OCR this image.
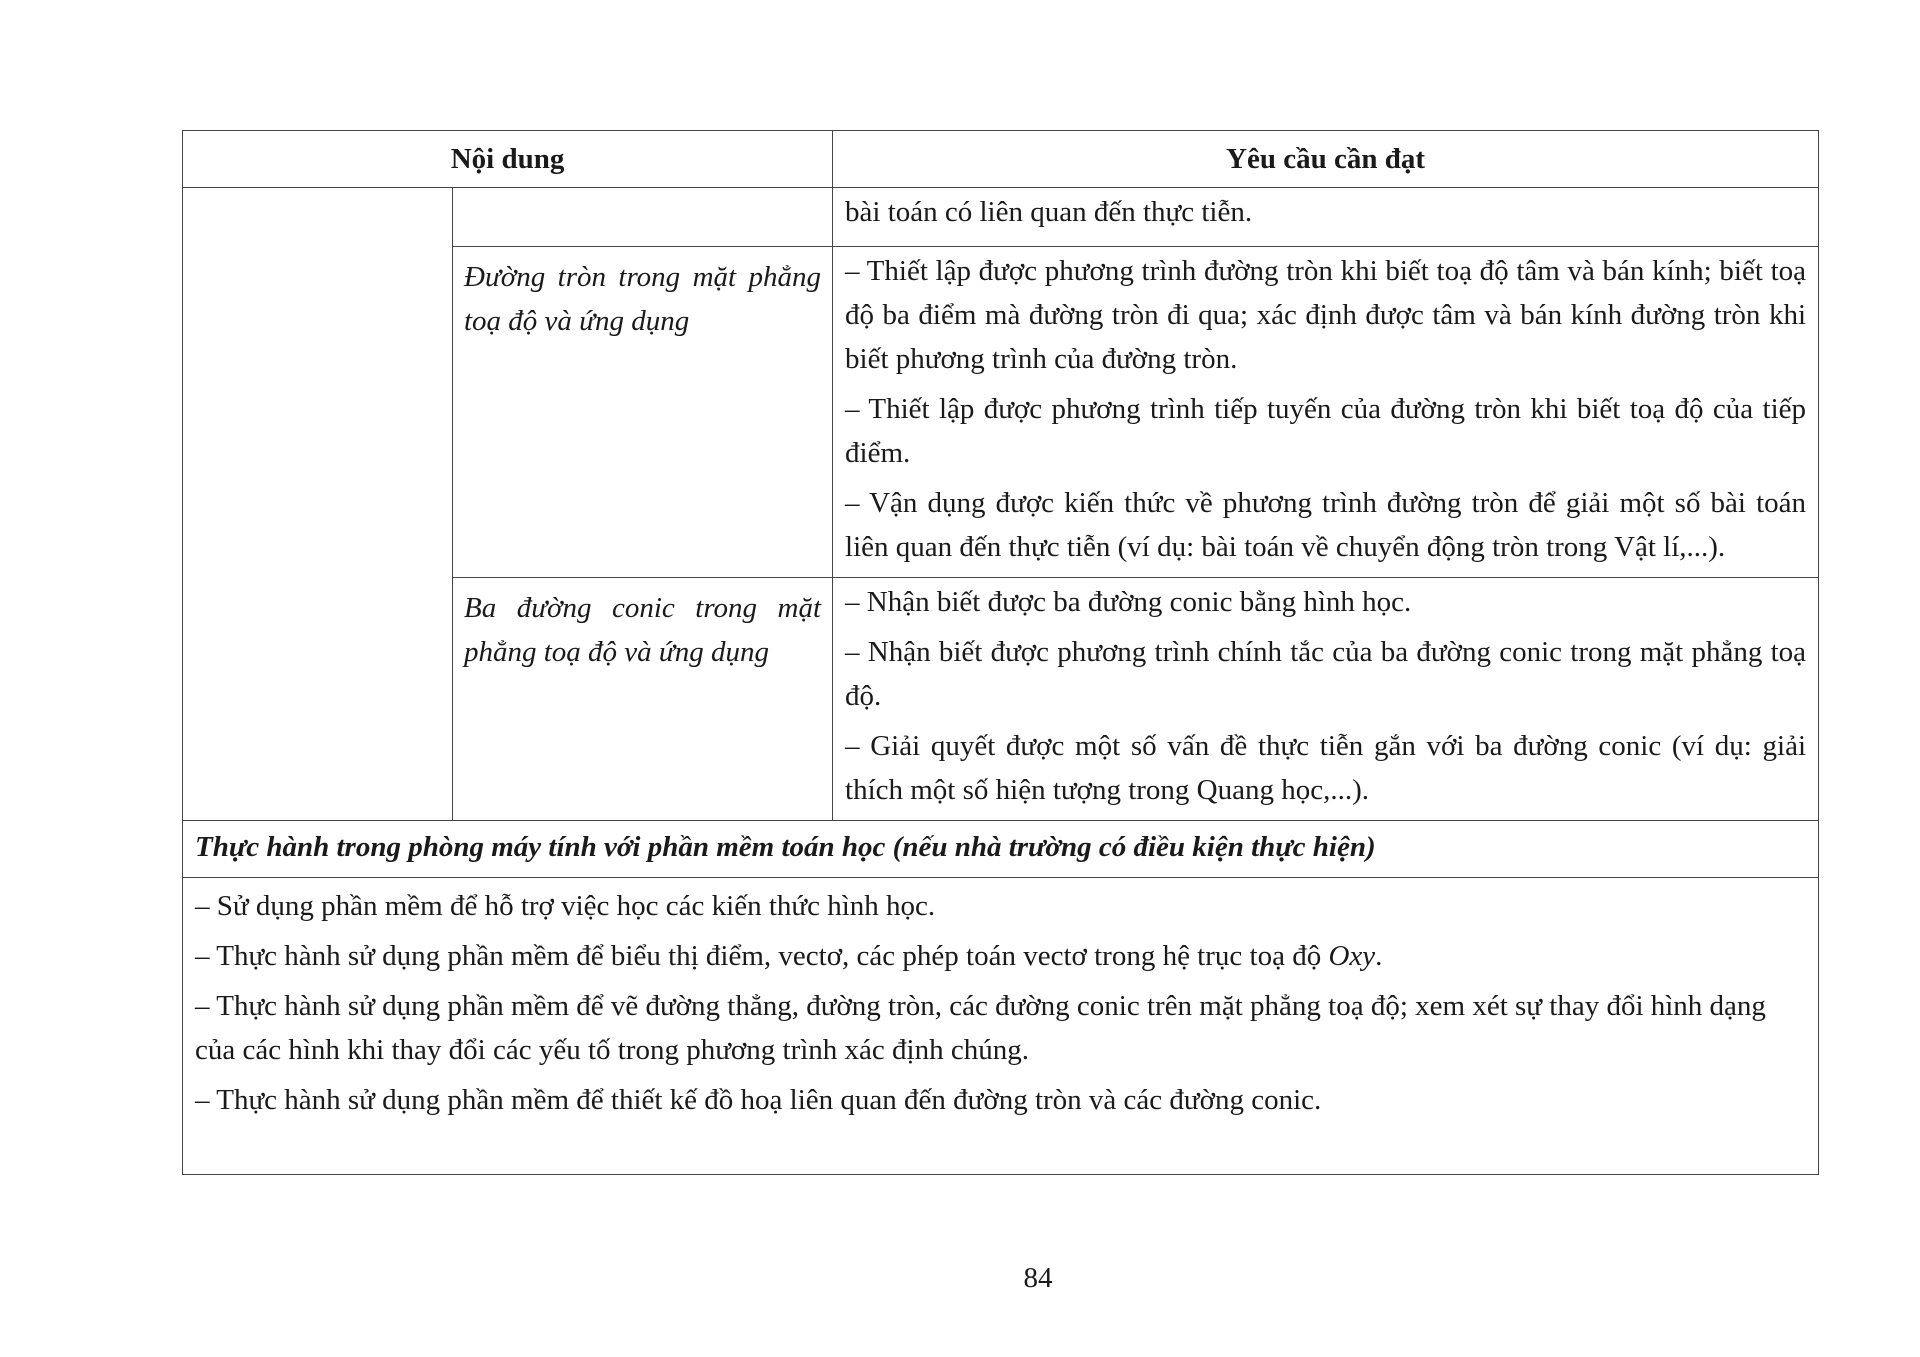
Nội dung		Yêu cầu cần đạt

		bài toán có liên quan đến thực tiễn.

	Đường tròn trong mặt phẳng toạ độ và ứng dụng	– Thiết lập được phương trình đường tròn khi biết toạ độ tâm và bán kính; biết toạ độ ba điểm mà đường tròn đi qua; xác định được tâm và bán kính đường tròn khi biết phương trình của đường tròn.

– Thiết lập được phương trình tiếp tuyến của đường tròn khi biết toạ độ của tiếp điểm.

– Vận dụng được kiến thức về phương trình đường tròn để giải một số bài toán liên quan đến thực tiễn (ví dụ: bài toán về chuyển động tròn trong Vật lí,...).

	Ba đường conic trong mặt phẳng toạ độ và ứng dụng	– Nhận biết được ba đường conic bằng hình học.

– Nhận biết được phương trình chính tắc của ba đường conic trong mặt phẳng toạ độ.

– Giải quyết được một số vấn đề thực tiễn gắn với ba đường conic (ví dụ: giải thích một số hiện tượng trong Quang học,...).

Thực hành trong phòng máy tính với phần mềm toán học (nếu nhà trường có điều kiện thực hiện)		

– Sử dụng phần mềm để hỗ trợ việc học các kiến thức hình học.

– Thực hành sử dụng phần mềm để biểu thị điểm, vectơ, các phép toán vectơ trong hệ trục toạ độ Oxy.

– Thực hành sử dụng phần mềm để vẽ đường thẳng, đường tròn, các đường conic trên mặt phẳng toạ độ; xem xét sự thay đổi hình dạng của các hình khi thay đổi các yếu tố trong phương trình xác định chúng.

– Thực hành sử dụng phần mềm để thiết kế đồ hoạ liên quan đến đường tròn và các đường conic.		

84
